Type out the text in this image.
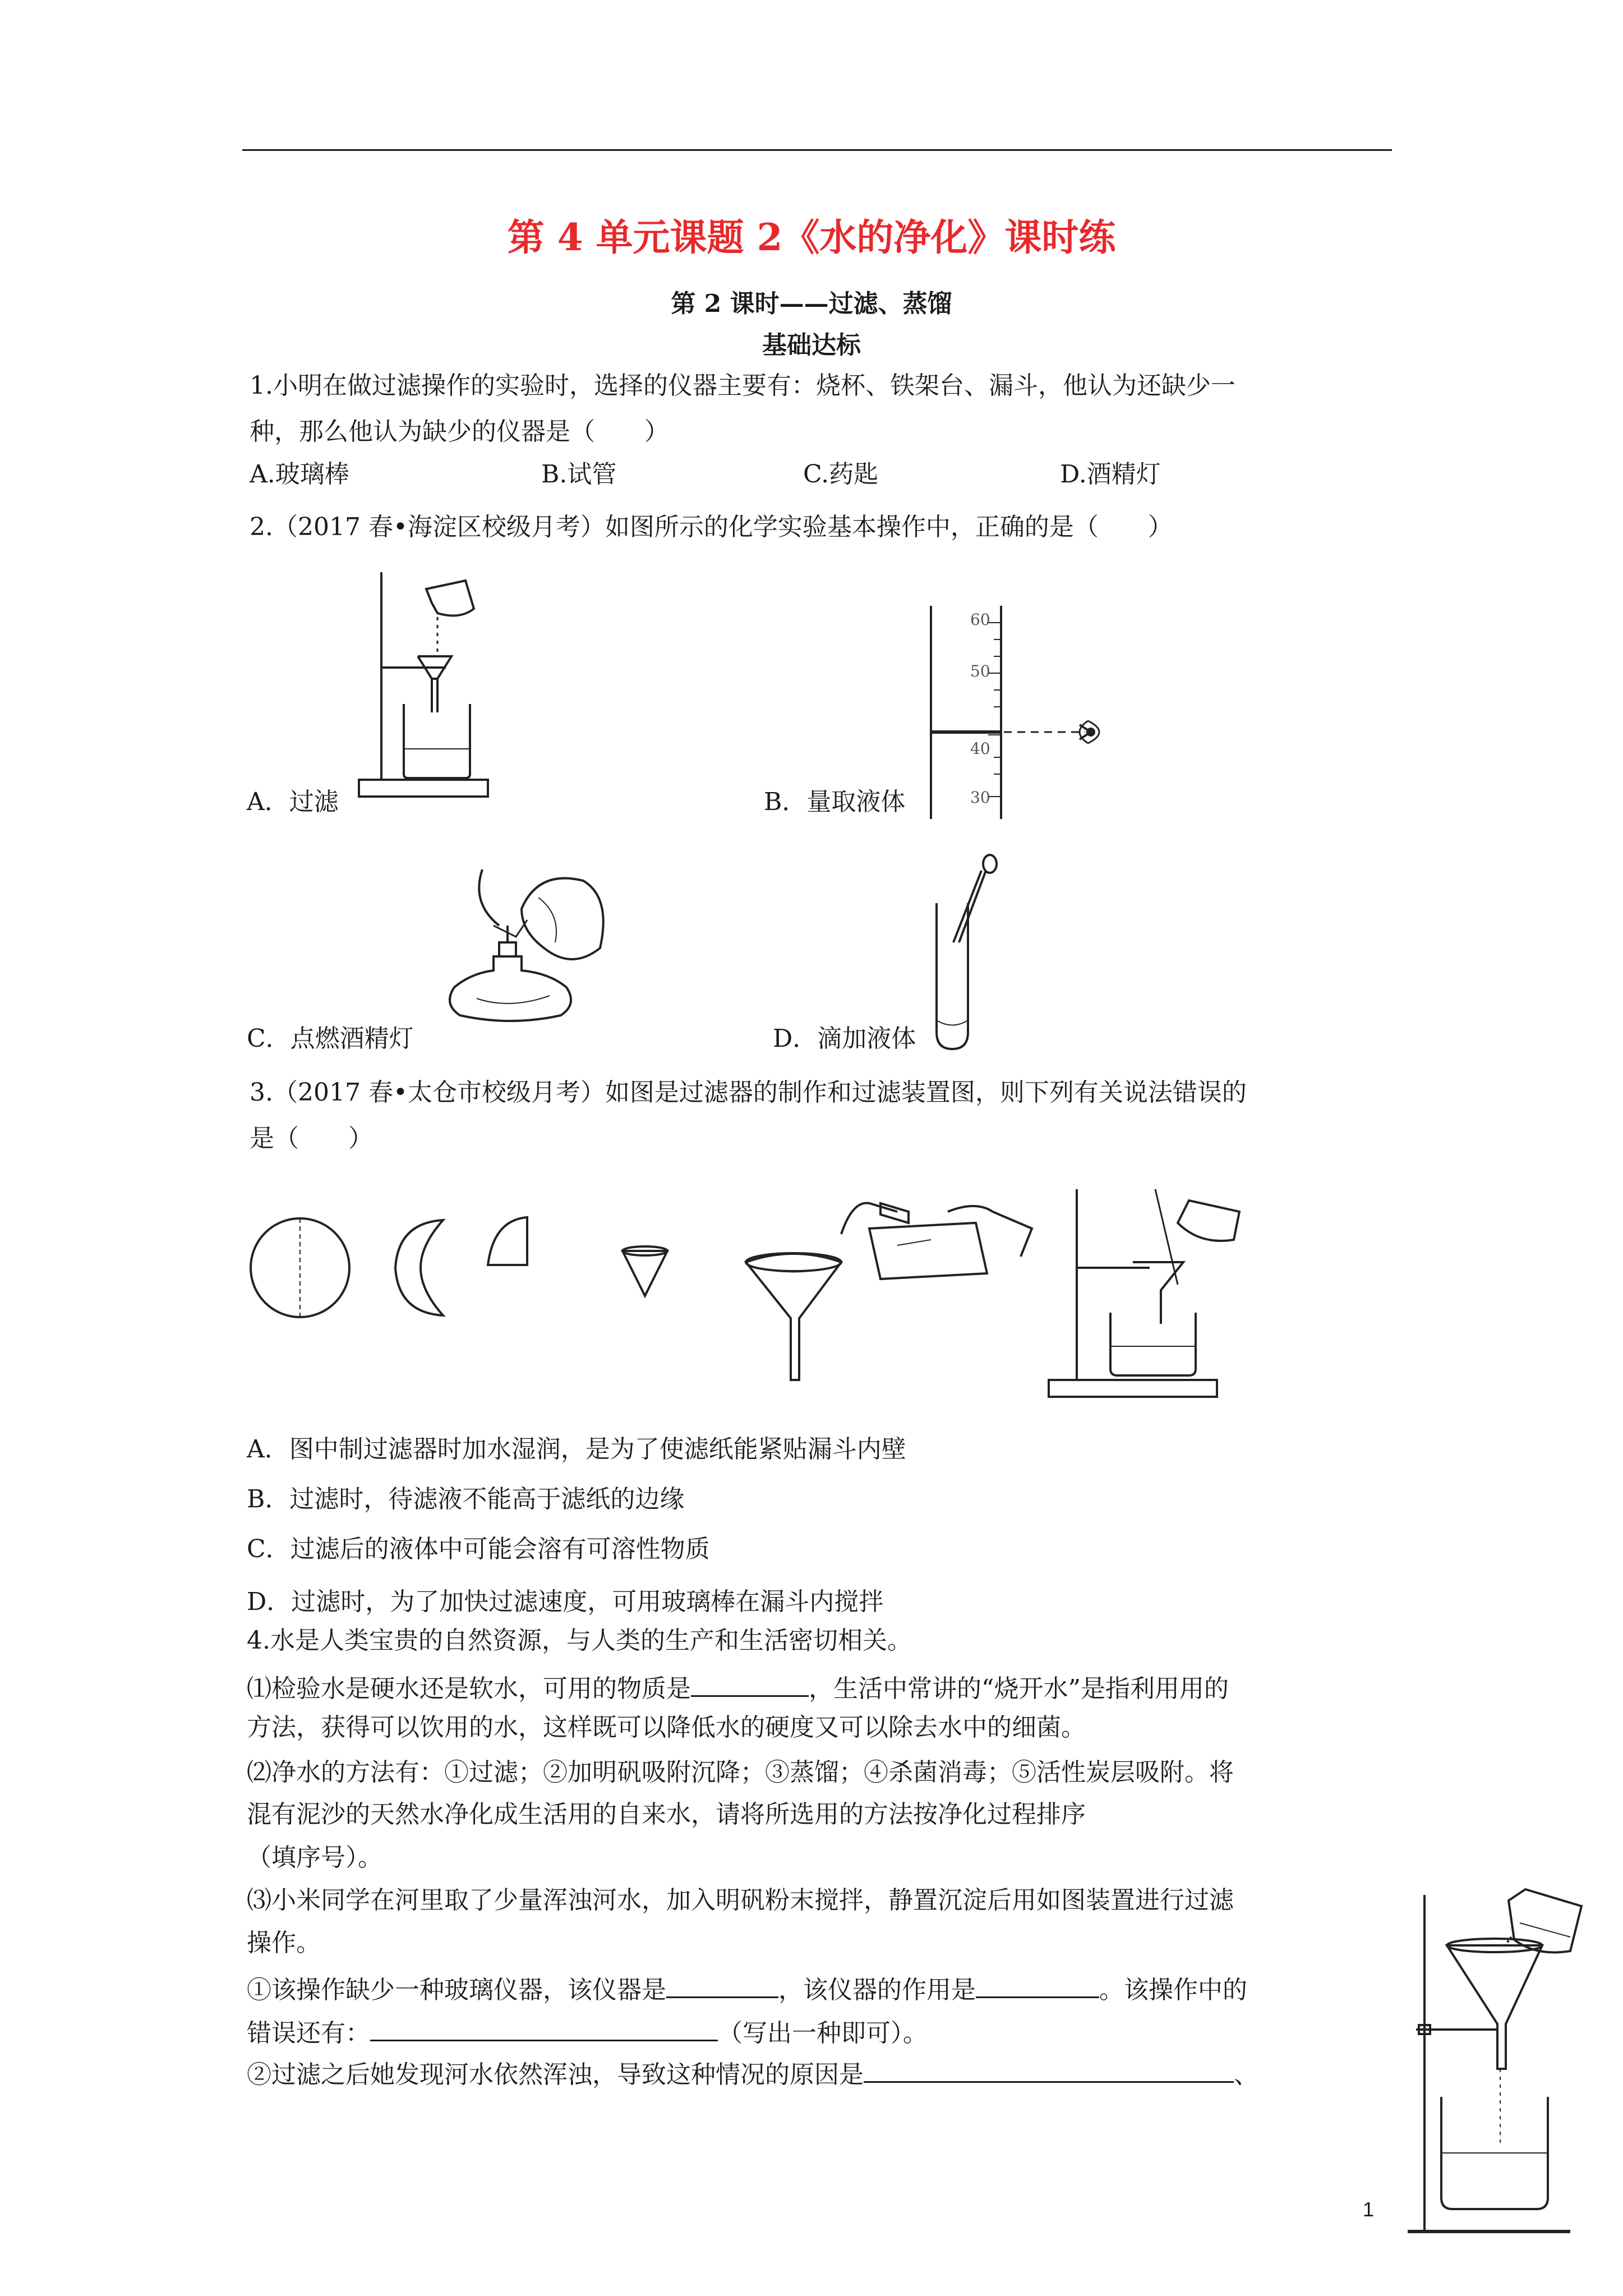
第 4 单元课题 2《水的净化》课时练
第 2 课时——过滤、蒸馏
基础达标
1.小明在做过滤操作的实验时，选择的仪器主要有：烧杯、铁架台、漏斗，他认为还缺少一
种，那么他认为缺少的仪器是（　　）
A.玻璃棒	B.试管	C.药匙	D.酒精灯
2.（2017 春•海淀区校级月考）如图所示的化学实验基本操作中，正确的是（　　）
A．过滤
60
50
40
30
B．量取液体
C．点燃酒精灯	D．滴加液体
3.（2017 春•太仓市校级月考）如图是过滤器的制作和过滤装置图，则下列有关说法错误的
是（　　）
A．图中制过滤器时加水湿润，是为了使滤纸能紧贴漏斗内壁
B．过滤时，待滤液不能高于滤纸的边缘
C．过滤后的液体中可能会溶有可溶性物质
D．过滤时，为了加快过滤速度，可用玻璃棒在漏斗内搅拌
4.水是人类宝贵的自然资源，与人类的生产和生活密切相关。
⑴检验水是硬水还是软水，可用的物质是	，生活中常讲的“烧开水”是指利用用的
方法，获得可以饮用的水，这样既可以降低水的硬度又可以除去水中的细菌。
⑵净水的方法有：①过滤；②加明矾吸附沉降；③蒸馏；④杀菌消毒；⑤活性炭层吸附。将
混有泥沙的天然水净化成生活用的自来水，请将所选用的方法按净化过程排序
（填序号）。
⑶小米同学在河里取了少量浑浊河水，加入明矾粉末搅拌，静置沉淀后用如图装置进行过滤
操作。
①该操作缺少一种玻璃仪器，该仪器是	，该仪器的作用是	。该操作中的
错误还有：	（写出一种即可）。
②过滤之后她发现河水依然浑浊，导致这种情况的原因是	、
1
